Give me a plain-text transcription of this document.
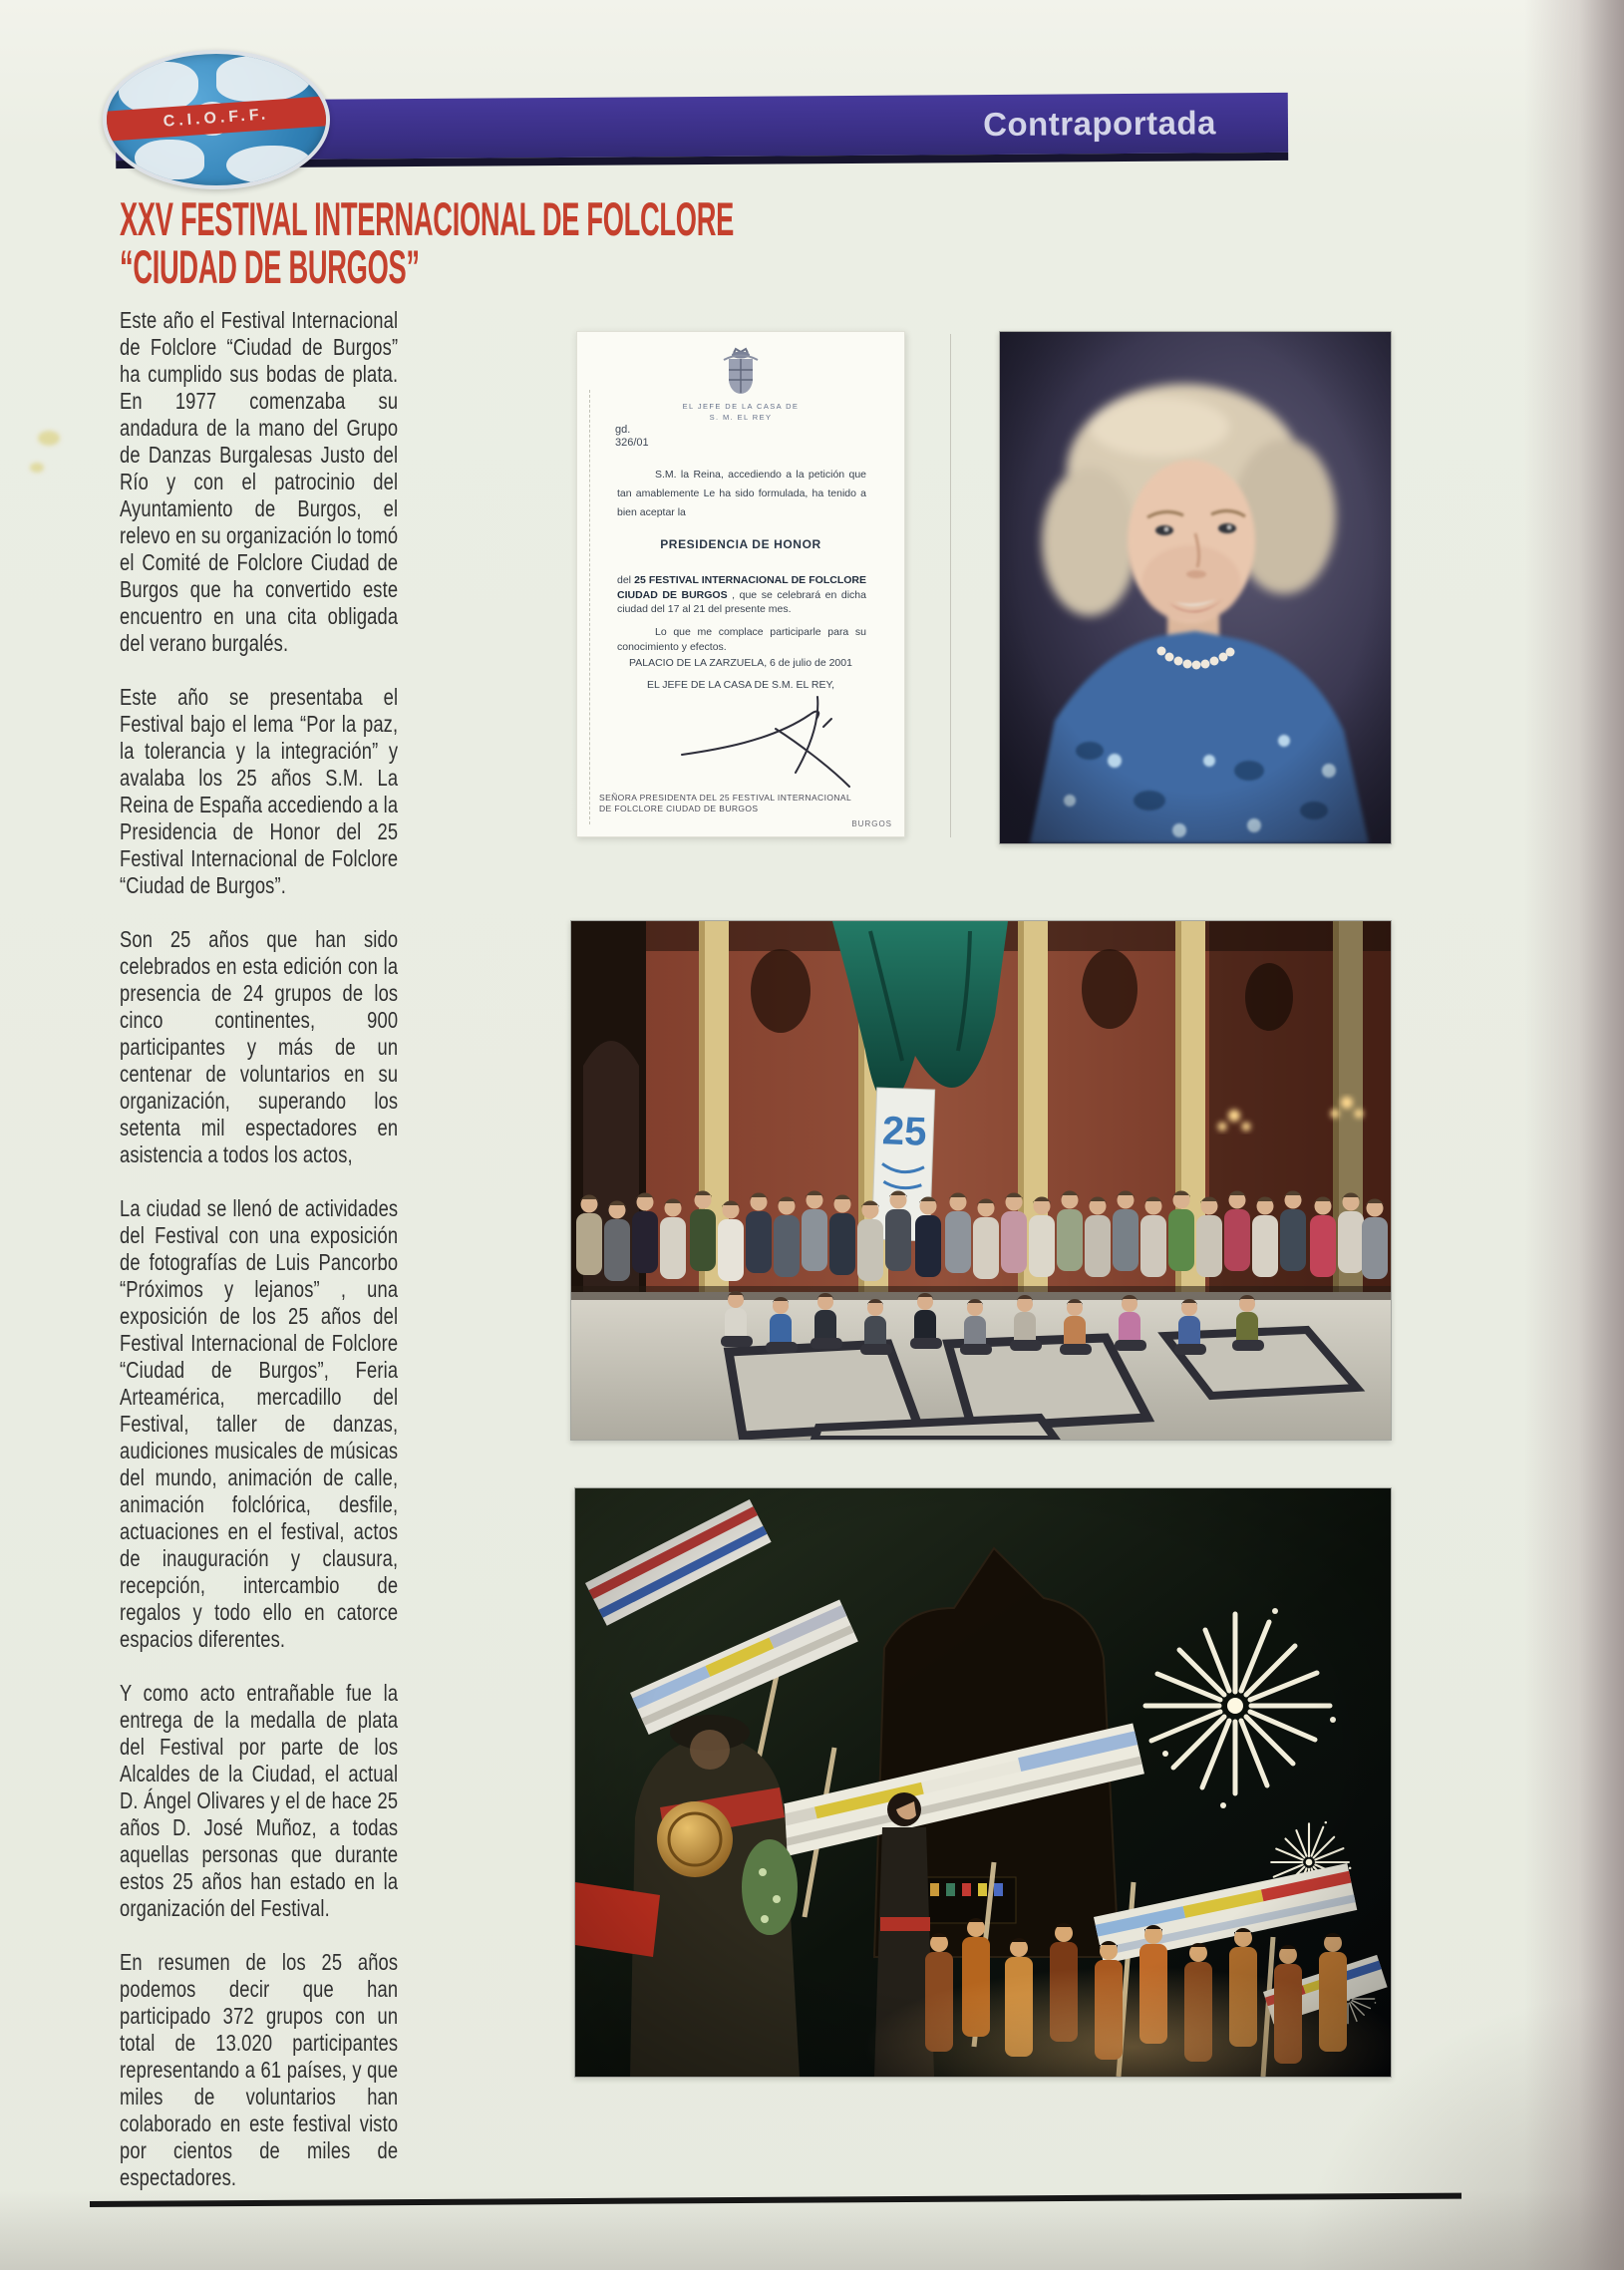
Contraportada
C.I.O.F.F.
XXV FESTIVAL INTERNACIONAL DE FOLCLORE
“CIUDAD DE BURGOS”

Este año el Festival Internacional de Folclore “Ciudad de Burgos” ha cumplido sus bodas de plata. En 1977 comenzaba su andadura de la mano del Grupo de Danzas Burgalesas Justo del Río y con el patrocinio del Ayuntamiento de Burgos, el relevo en su organización lo tomó el Comité de Folclore Ciudad de Burgos que ha convertido este encuentro en una cita obligada del verano burgalés.

Este año se presentaba el Festival bajo el lema “Por la paz, la tolerancia y la integración” y avalaba los 25 años S.M. La Reina de España accediendo a la Presidencia de Honor del 25 Festival Internacional de Folclore “Ciudad de Burgos”.

Son 25 años que han sido celebrados en esta edición con la presencia de 24 grupos de los cinco continentes, 900 participantes y más de un centenar de voluntarios en su organización, superando los setenta mil espectadores en asistencia a todos los actos,

La ciudad se llenó de actividades del Festival con una exposición de fotografías de Luis Pancorbo “Próximos y lejanos” , una exposición de los 25 años del Festival Internacional de Folclore “Ciudad de Burgos”, Feria Arteamérica, mercadillo del Festival, taller de danzas, audiciones musicales de músicas del mundo, animación de calle, animación folclórica, desfile, actuaciones en el festival, actos de inauguración y clausura, recepción, intercambio de regalos y todo ello en catorce espacios diferentes.

Y como acto entrañable fue la entrega de la medalla de plata del Festival por parte de los Alcaldes de la Ciudad, el actual D. Ángel Olivares y el de hace 25 años D. José Muñoz, a todas aquellas personas que durante estos 25 años han estado en la organización del Festival.

En resumen de los 25 años podemos decir que han participado 372 grupos con un total de 13.020 participantes representando a 61 países, y que miles de voluntarios han colaborado en este festival visto por cientos de miles de espectadores.

EL JEFE DE LA CASA DE
S. M. EL REY
gd.
326/01
S.M. la Reina, accediendo a la petición que tan amablemente Le ha sido formulada, ha tenido a bien aceptar la
PRESIDENCIA DE HONOR
del 25 FESTIVAL INTERNACIONAL DE FOLCLORE CIUDAD DE BURGOS , que se celebrará en dicha ciudad del 17 al 21 del presente mes.
Lo que me complace participarle para su conocimiento y efectos.
PALACIO DE LA ZARZUELA, 6 de julio de 2001
EL JEFE DE LA CASA DE S.M. EL REY,
SEÑORA PRESIDENTA DEL 25 FESTIVAL INTERNACIONAL
DE FOLCLORE CIUDAD DE BURGOS
BURGOS
25
